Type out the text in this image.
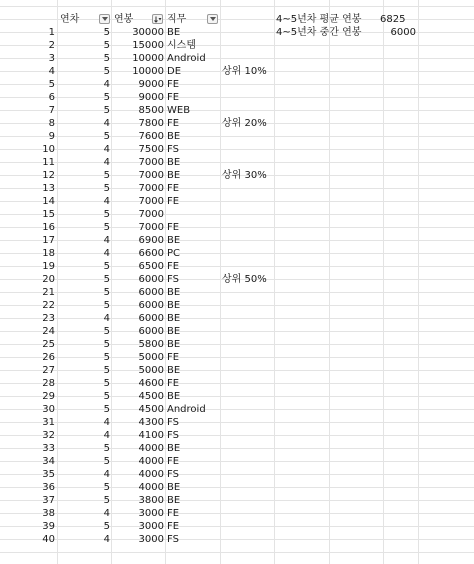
연차	연봉	직무	4~5년차 평균 연봉	6825
1	5	30000 BE	4~5년차 중간 연봉	6000
2	5	15000 시스템
3	5	10000 Android
4	5	10000 DE	상위 10%
5	4	9000 FE
6	5	9000 FE
7	5	8500 WEB
8	4	7800 FE	상위 20%
9	5	7600 BE
10	4	7500 FS
11	4	7000 BE
12	5	7000 BE	상위 30%
13	5	7000 FE
14	4	7000 FE
15	5	7000
16	5	7000 FE
17	4	6900 BE
18	4	6600 PC
19	5	6500 FE
20	5	6000 FS	상위 50%
21	5	6000 BE
22	5	6000 BE
23	4	6000 BE
24	5	6000 BE
25	5	5800 BE
26	5	5000 FE
27	5	5000 BE
28	5	4600 FE
29	5	4500 BE
30	5	4500 Android
31	4	4300 FS
32	4	4100 FS
33	5	4000 BE
34	5	4000 FE
35	4	4000 FS
36	5	4000 BE
37	5	3800 BE
38	4	3000 FE
39	5	3000 FE
40	4	3000 FS
